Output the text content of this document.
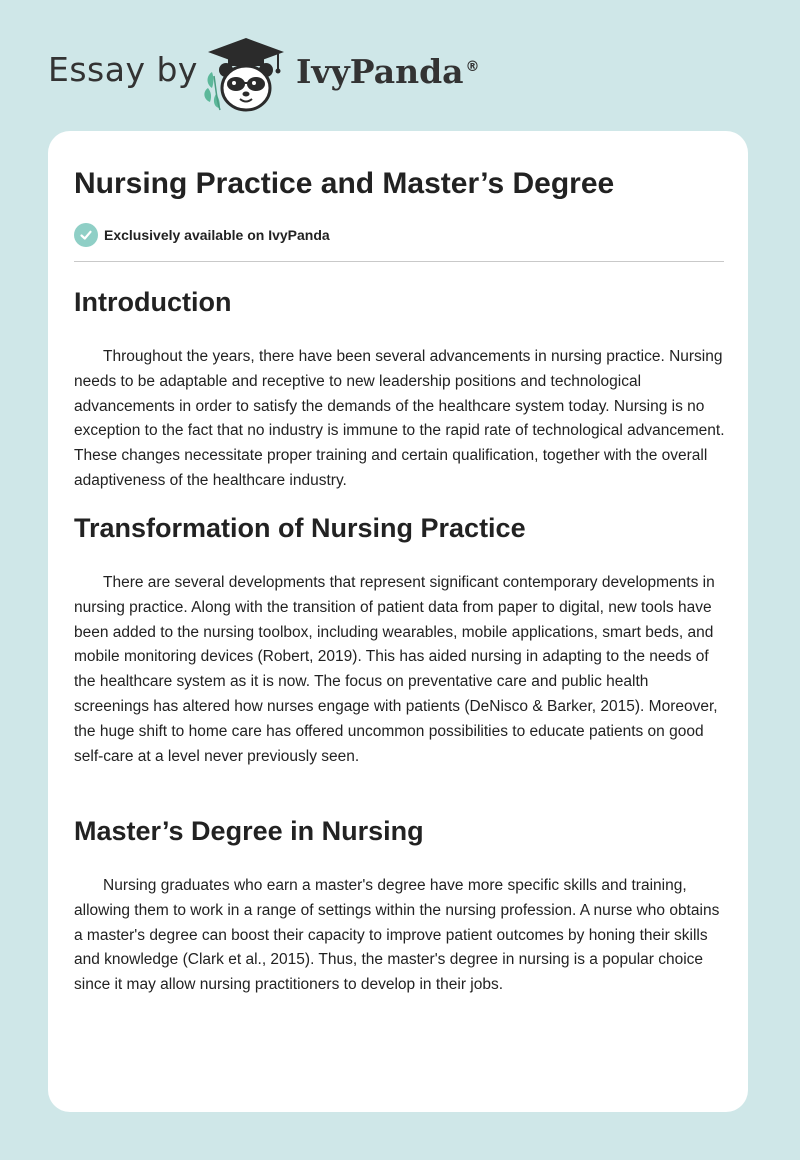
Essay by	IvyPanda ®
Nursing Practice and Master’s Degree
Exclusively available on IvyPanda
Introduction

Throughout the years, there have been several advancements in nursing practice. Nursing needs to be adaptable and receptive to new leadership positions and technological advancements in order to satisfy the demands of the healthcare system today. Nursing is no exception to the fact that no industry is immune to the rapid rate of technological advancement. These changes necessitate proper training and certain qualification, together with the overall adaptiveness of the healthcare industry.

Transformation of Nursing Practice

There are several developments that represent significant contemporary developments in nursing practice. Along with the transition of patient data from paper to digital, new tools have been added to the nursing toolbox, including wearables, mobile applications, smart beds, and mobile monitoring devices (Robert, 2019). This has aided nursing in adapting to the needs of the healthcare system as it is now. The focus on preventative care and public health screenings has altered how nurses engage with patients (DeNisco & Barker, 2015). Moreover, the huge shift to home care has offered uncommon possibilities to educate patients on good self-care at a level never previously seen.

Master’s Degree in Nursing

Nursing graduates who earn a master's degree have more specific skills and training, allowing them to work in a range of settings within the nursing profession. A nurse who obtains a master's degree can boost their capacity to improve patient outcomes by honing their skills and knowledge (Clark et al., 2015). Thus, the master's degree in nursing is a popular choice since it may allow nursing practitioners to develop in their jobs.
